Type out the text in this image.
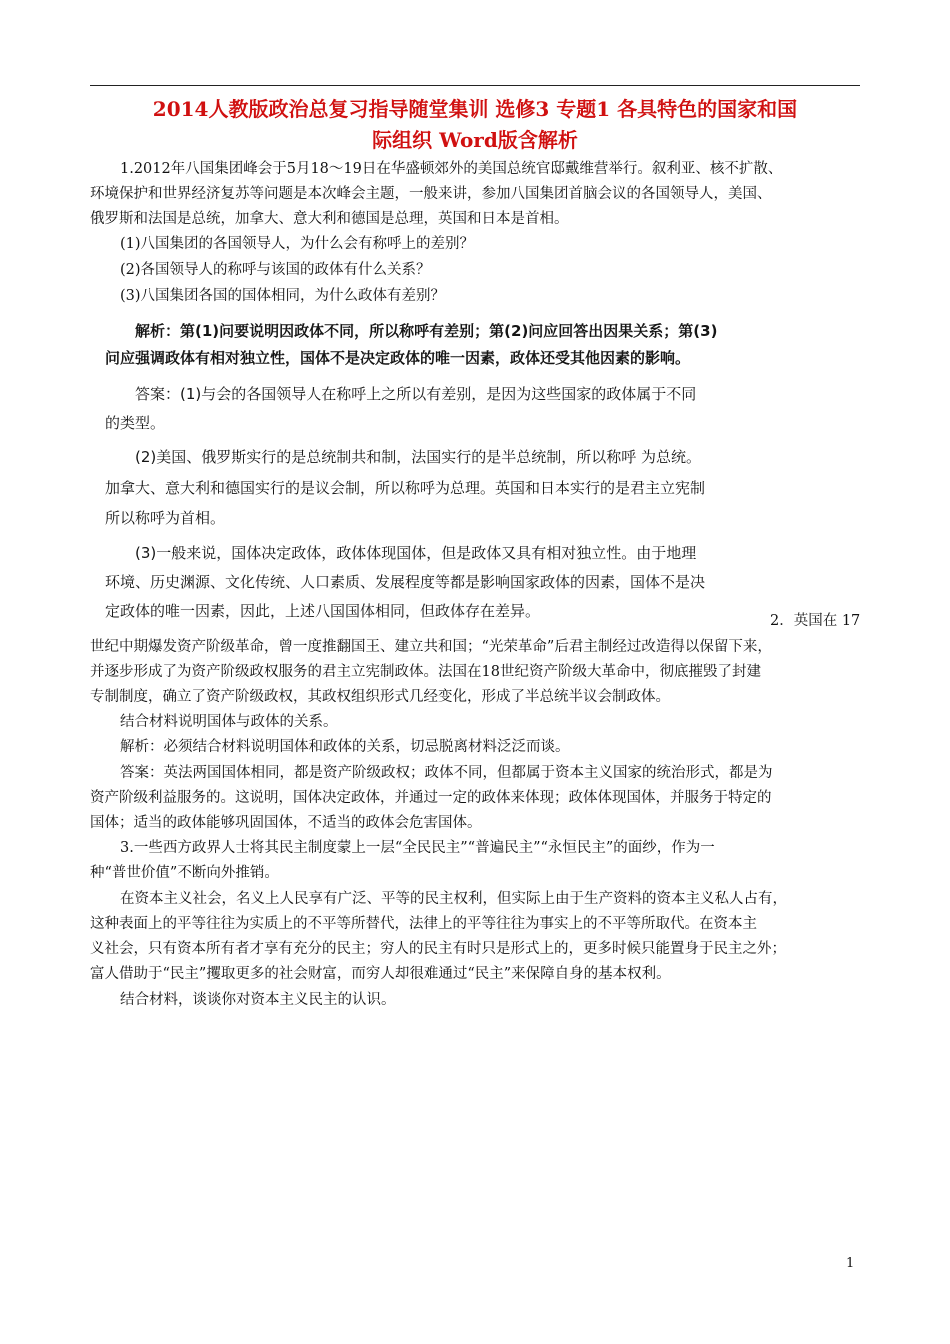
2014人教版政治总复习指导随堂集训 选修3 专题1 各具特色的国家和国
际组织 Word版含解析
1.2012年八国集团峰会于5月18～19日在华盛顿郊外的美国总统官邸戴维营举行。叙利亚、核不扩散、
环境保护和世界经济复苏等问题是本次峰会主题，一般来讲，参加八国集团首脑会议的各国领导人，美国、
俄罗斯和法国是总统，加拿大、意大利和德国是总理，英国和日本是首相。
(1)八国集团的各国领导人，为什么会有称呼上的差别？
(2)各国领导人的称呼与该国的政体有什么关系？
(3)八国集团各国的国体相同，为什么政体有差别？
解析：第(1)问要说明因政体不同，所以称呼有差别；第(2)问应回答出因果关系；第(3)
问应强调政体有相对独立性，国体不是决定政体的唯一因素，政体还受其他因素的影响。
答案：(1)与会的各国领导人在称呼上之所以有差别，是因为这些国家的政体属于不同
的类型。
(2)美国、俄罗斯实行的是总统制共和制，法国实行的是半总统制，所以称呼 为总统。
加拿大、意大利和德国实行的是议会制，所以称呼为总理。英国和日本实行的是君主立宪制
所以称呼为首相。
(3)一般来说，国体决定政体，政体体现国体，但是政体又具有相对独立性。由于地理
环境、历史渊源、文化传统、人口素质、发展程度等都是影响国家政体的因素，国体不是决
定政体的唯一因素，因此，上述八国国体相同，但政体存在差异。
2．英国在 17
世纪中期爆发资产阶级革命，曾一度推翻国王、建立共和国；“光荣革命”后君主制经过改造得以保留下来，
并逐步形成了为资产阶级政权服务的君主立宪制政体。法国在18世纪资产阶级大革命中，彻底摧毁了封建
专制制度，确立了资产阶级政权，其政权组织形式几经变化，形成了半总统半议会制政体。
结合材料说明国体与政体的关系。
解析：必须结合材料说明国体和政体的关系，切忌脱离材料泛泛而谈。
答案：英法两国国体相同，都是资产阶级政权；政体不同，但都属于资本主义国家的统治形式，都是为
资产阶级利益服务的。这说明，国体决定政体，并通过一定的政体来体现；政体体现国体，并服务于特定的
国体；适当的政体能够巩固国体，不适当的政体会危害国体。
3.一些西方政界人士将其民主制度蒙上一层“全民民主”“普遍民主”“永恒民主”的面纱，作为一
种“普世价值”不断向外推销。
在资本主义社会，名义上人民享有广泛、平等的民主权利，但实际上由于生产资料的资本主义私人占有，
这种表面上的平等往往为实质上的不平等所替代，法律上的平等往往为事实上的不平等所取代。在资本主
义社会，只有资本所有者才享有充分的民主；穷人的民主有时只是形式上的，更多时候只能置身于民主之外；
富人借助于“民主”攫取更多的社会财富，而穷人却很难通过“民主”来保障自身的基本权利。
结合材料，谈谈你对资本主义民主的认识。
1
